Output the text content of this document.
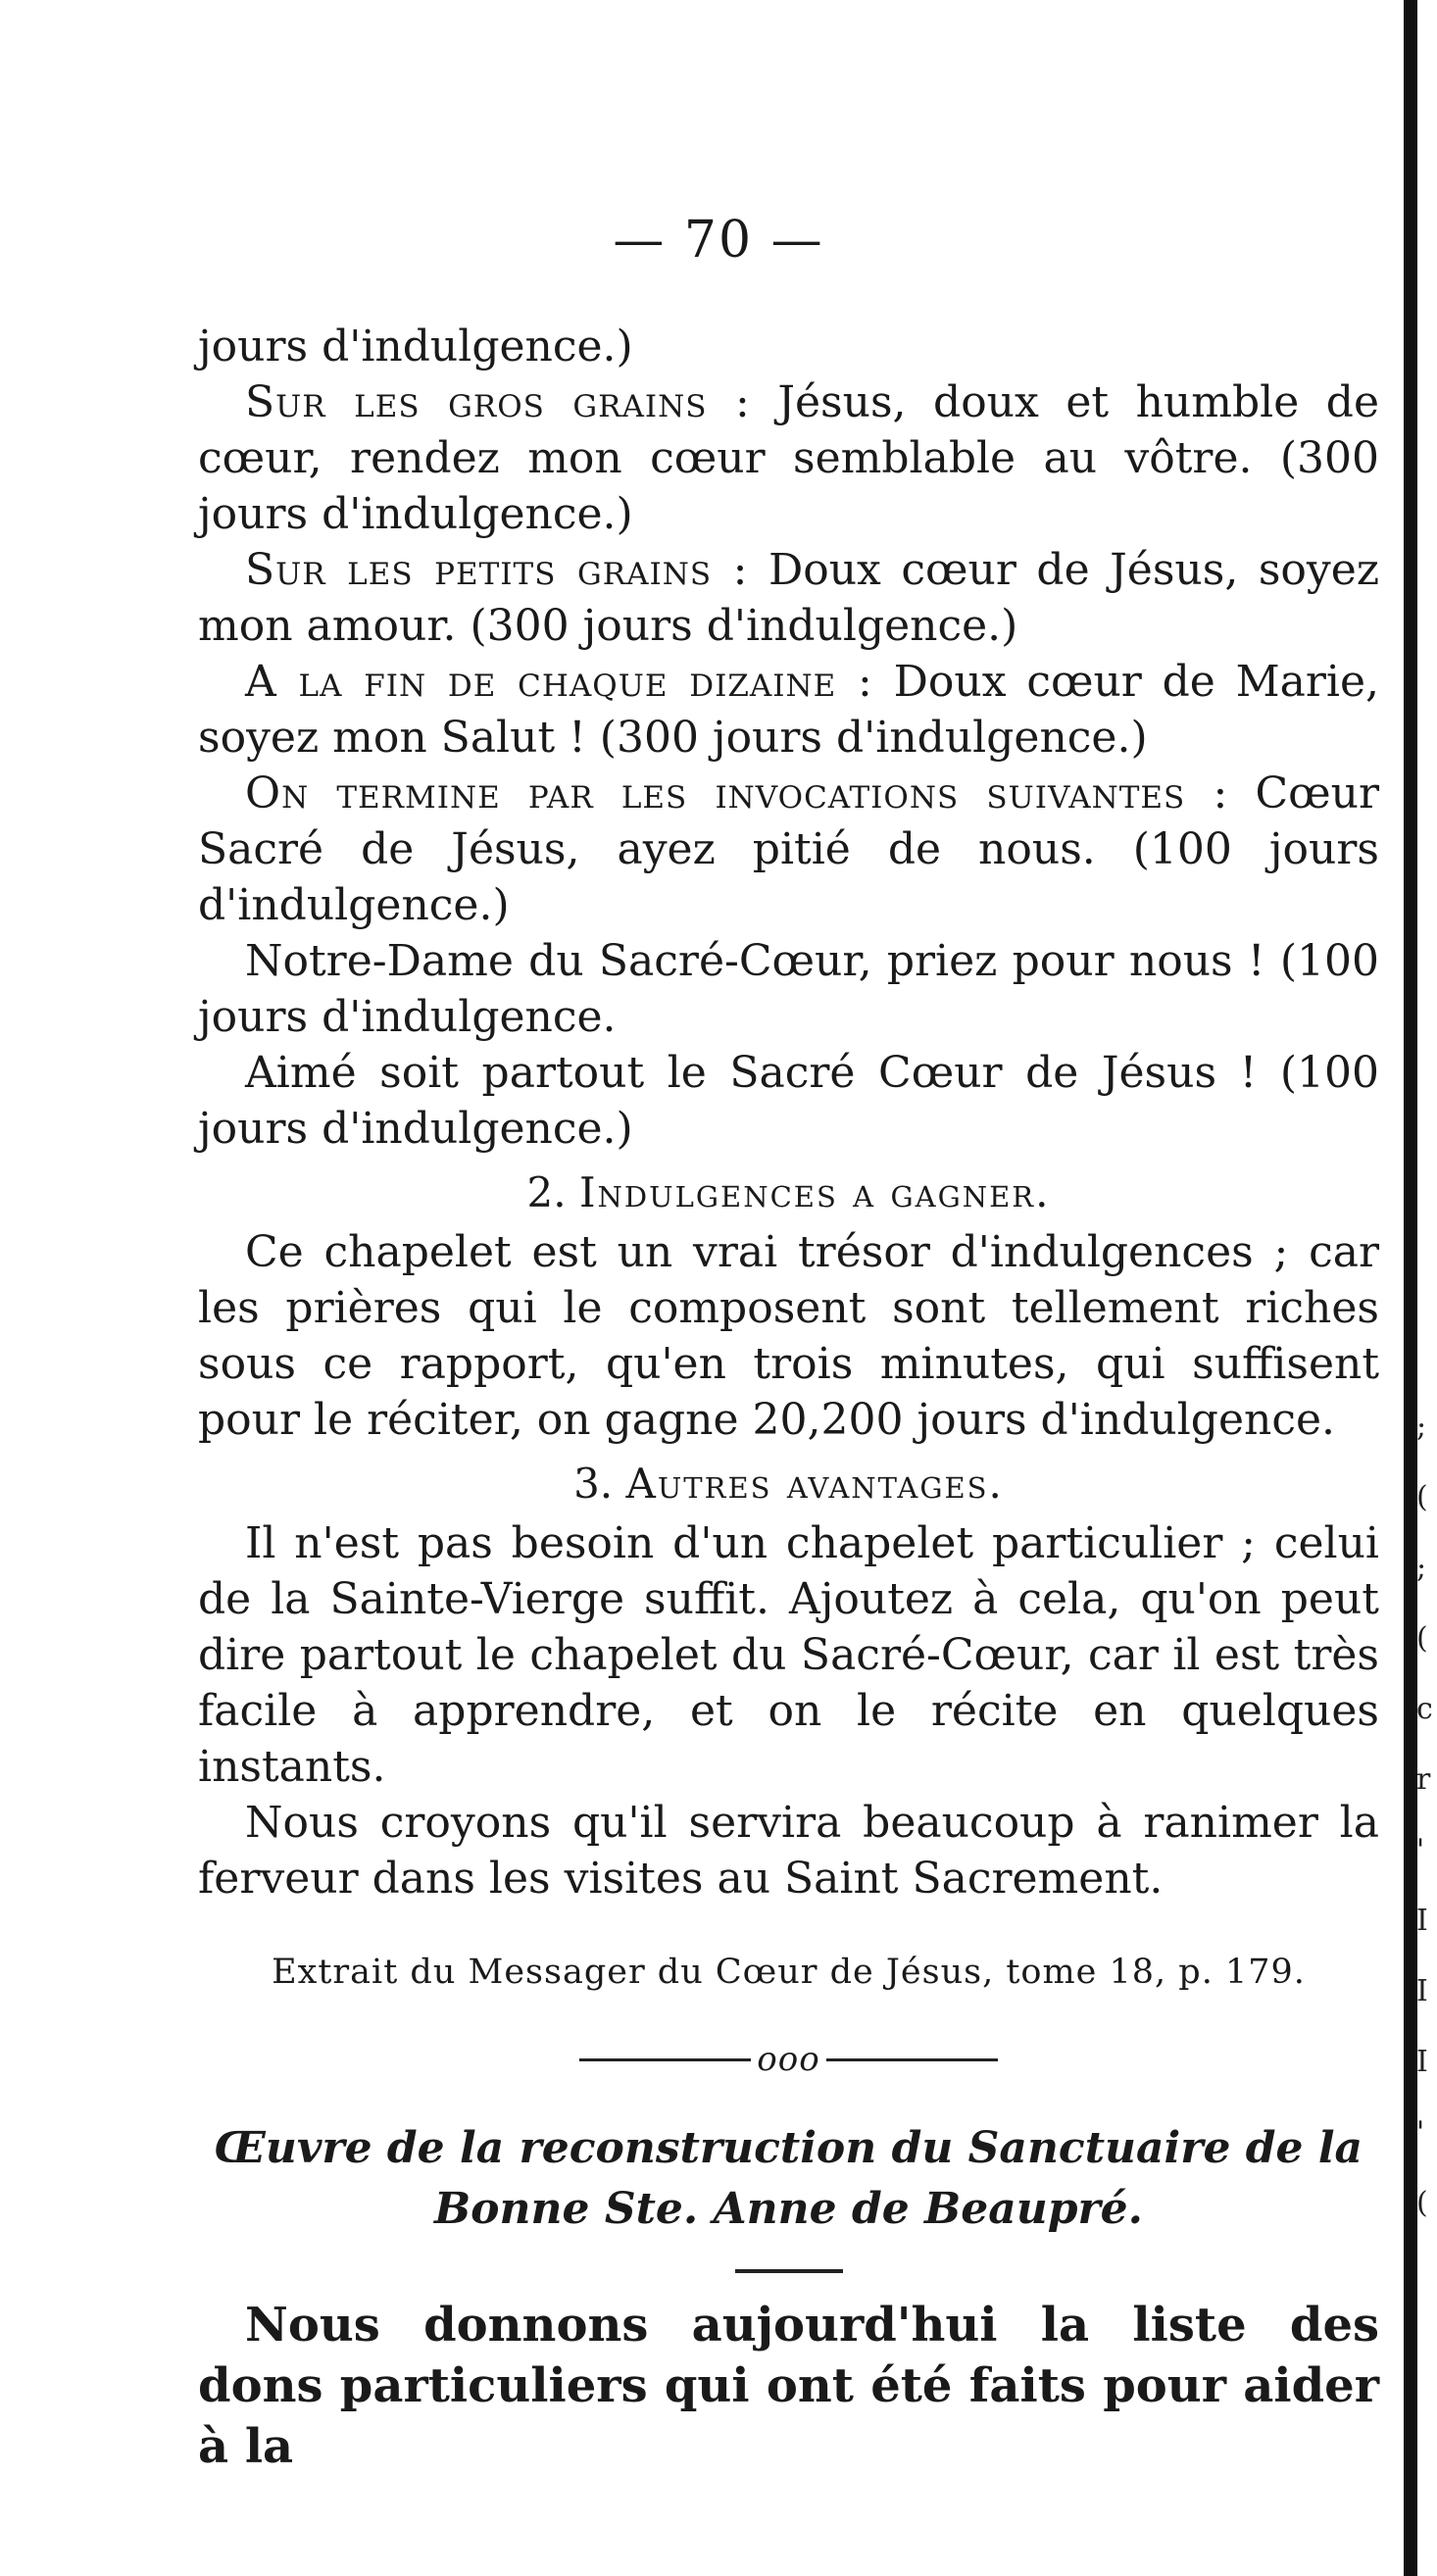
;
(
;
(
c
r
'
I
I
I
'
(
— 70 —

jours d'indulgence.)

Sur les gros grains : Jésus, doux et humble de cœur, rendez mon cœur semblable au vôtre. (300 jours d'indulgence.)

Sur les petits grains : Doux cœur de Jésus, soyez mon amour. (300 jours d'indulgence.)

A la fin de chaque dizaine : Doux cœur de Marie, soyez mon Salut ! (300 jours d'indulgence.)

On termine par les invocations suivantes : Cœur Sacré de Jésus, ayez pitié de nous. (100 jours d'indulgence.)

Notre-Dame du Sacré-Cœur, priez pour nous ! (100 jours d'indulgence.

Aimé soit partout le Sacré Cœur de Jésus ! (100 jours d'indulgence.)

2. Indulgences a gagner.

Ce chapelet est un vrai trésor d'indulgences ; car les prières qui le composent sont tellement riches sous ce rapport, qu'en trois minutes, qui suffisent pour le réciter, on gagne 20,200 jours d'indulgence.

3. Autres avantages.

Il n'est pas besoin d'un chapelet particulier ; celui de la Sainte-Vierge suffit. Ajoutez à cela, qu'on peut dire partout le chapelet du Sacré-Cœur, car il est très facile à apprendre, et on le récite en quelques instants.

Nous croyons qu'il servira beaucoup à ranimer la ferveur dans les visites au Saint Sacrement.

Extrait du Messager du Cœur de Jésus, tome 18, p. 179.

ooo

Œuvre de la reconstruction du Sanctuaire de la Bonne Ste. Anne de Beaupré.

Nous donnons aujourd'hui la liste des dons particuliers qui ont été faits pour aider à la
